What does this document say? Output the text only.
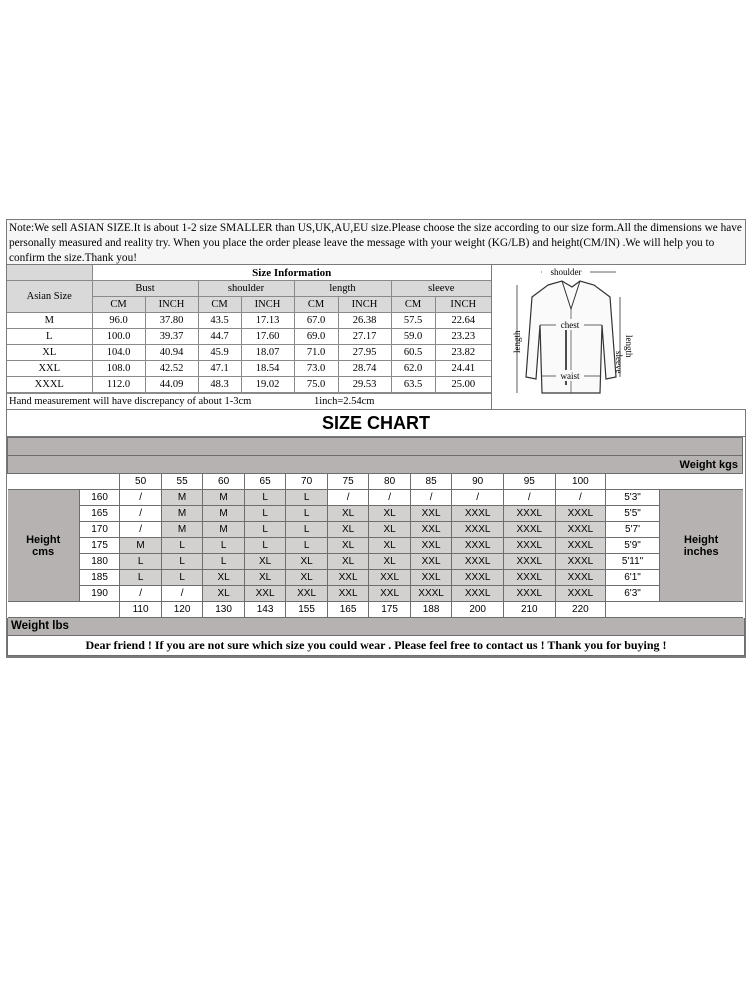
Note:We sell ASIAN SIZE.It is about 1-2 size SMALLER than US,UK,AU,EU size.Please choose the size according to our size form.All the dimensions we have personally measured and reality try. When you place the order please leave the message with your weight (KG/LB) and height(CM/IN) .We will help you to confirm the size.Thank you!
	Size Information							
Asian Size	Bust		shoulder		length		sleeve	
	CM	INCH	CM	INCH	CM	INCH	CM	INCH
M	96.0	37.80	43.5	17.13	67.0	26.38	57.5	22.64
L	100.0	39.37	44.7	17.60	69.0	27.17	59.0	23.23
XL	104.0	40.94	45.9	18.07	71.0	27.95	60.5	23.82
XXL	108.0	42.52	47.1	18.54	73.0	28.74	62.0	24.41
XXXL	112.0	44.09	48.3	19.02	75.0	29.53	63.5	25.00
Hand measurement will have discrepancy of about 1-3cm	1inch=2.54cm
shoulder
chest
waist
length
sleeve
length
SIZE CHART

Weight kgs														
		50	55	60	65	70	75	80	85	90	95	100		
Height cms	160	/	M	M	L	L	/	/	/	/	/	/	5'3"	Height inches
	165	/	M	M	L	L	XL	XL	XXL	XXXL	XXXL	XXXL	5'5"	
	170	/	M	M	L	L	XL	XL	XXL	XXXL	XXXL	XXXL	5'7'	
	175	M	L	L	L	L	XL	XL	XXL	XXXL	XXXL	XXXL	5'9"	
	180	L	L	L	XL	XL	XL	XL	XXL	XXXL	XXXL	XXXL	5'11"	
	185	L	L	XL	XL	XL	XXL	XXL	XXL	XXXL	XXXL	XXXL	6'1"	
	190	/	/	XL	XXL	XXL	XXL	XXL	XXXL	XXXL	XXXL	XXXL	6'3"	
		110	120	130	143	155	165	175	188	200	210	220		
Weight lbs
Dear friend ! If you are not sure which size you could wear . Please feel free to contact us ! Thank you for buying !
